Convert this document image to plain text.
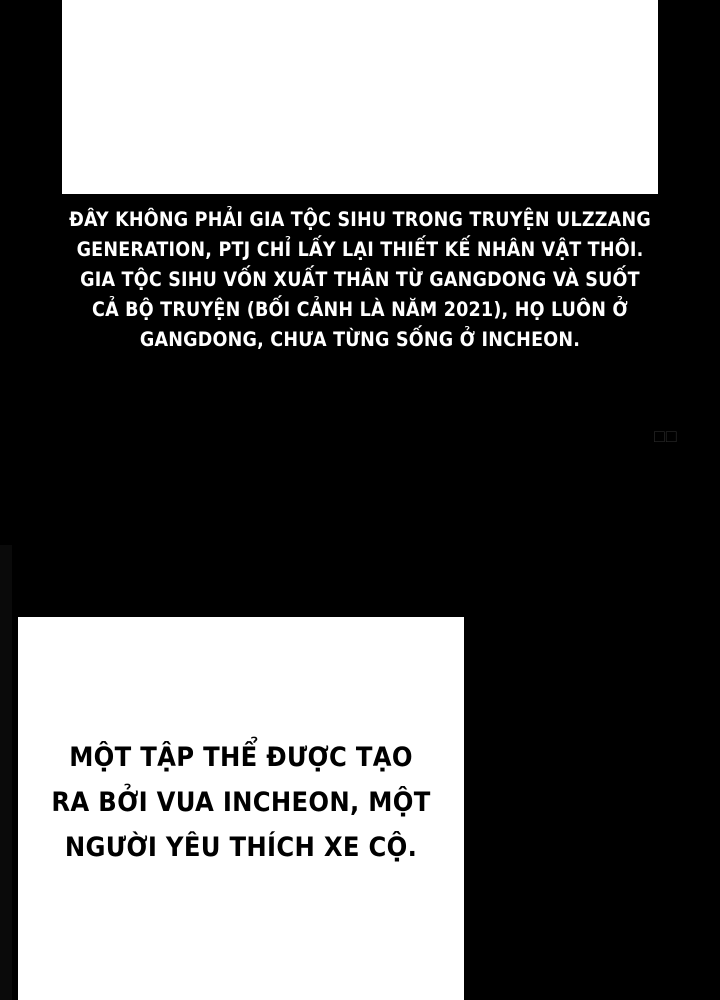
ĐÂY KHÔNG PHẢI GIA TỘC SIHU TRONG TRUYỆN ULZZANG
GENERATION, PTJ CHỈ LẤY LẠI THIẾT KẾ NHÂN VẬT THÔI.
GIA TỘC SIHU VỐN XUẤT THÂN TỪ GANGDONG VÀ SUỐT
CẢ BỘ TRUYỆN (BỐI CẢNH LÀ NĂM 2021), HỌ LUÔN Ở
GANGDONG, CHƯA TỪNG SỐNG Ở INCHEON.
□□
MỘT TẬP THỂ ĐƯỢC TẠO
RA BỞI VUA INCHEON, MỘT
NGƯỜI YÊU THÍCH XE CỘ.
